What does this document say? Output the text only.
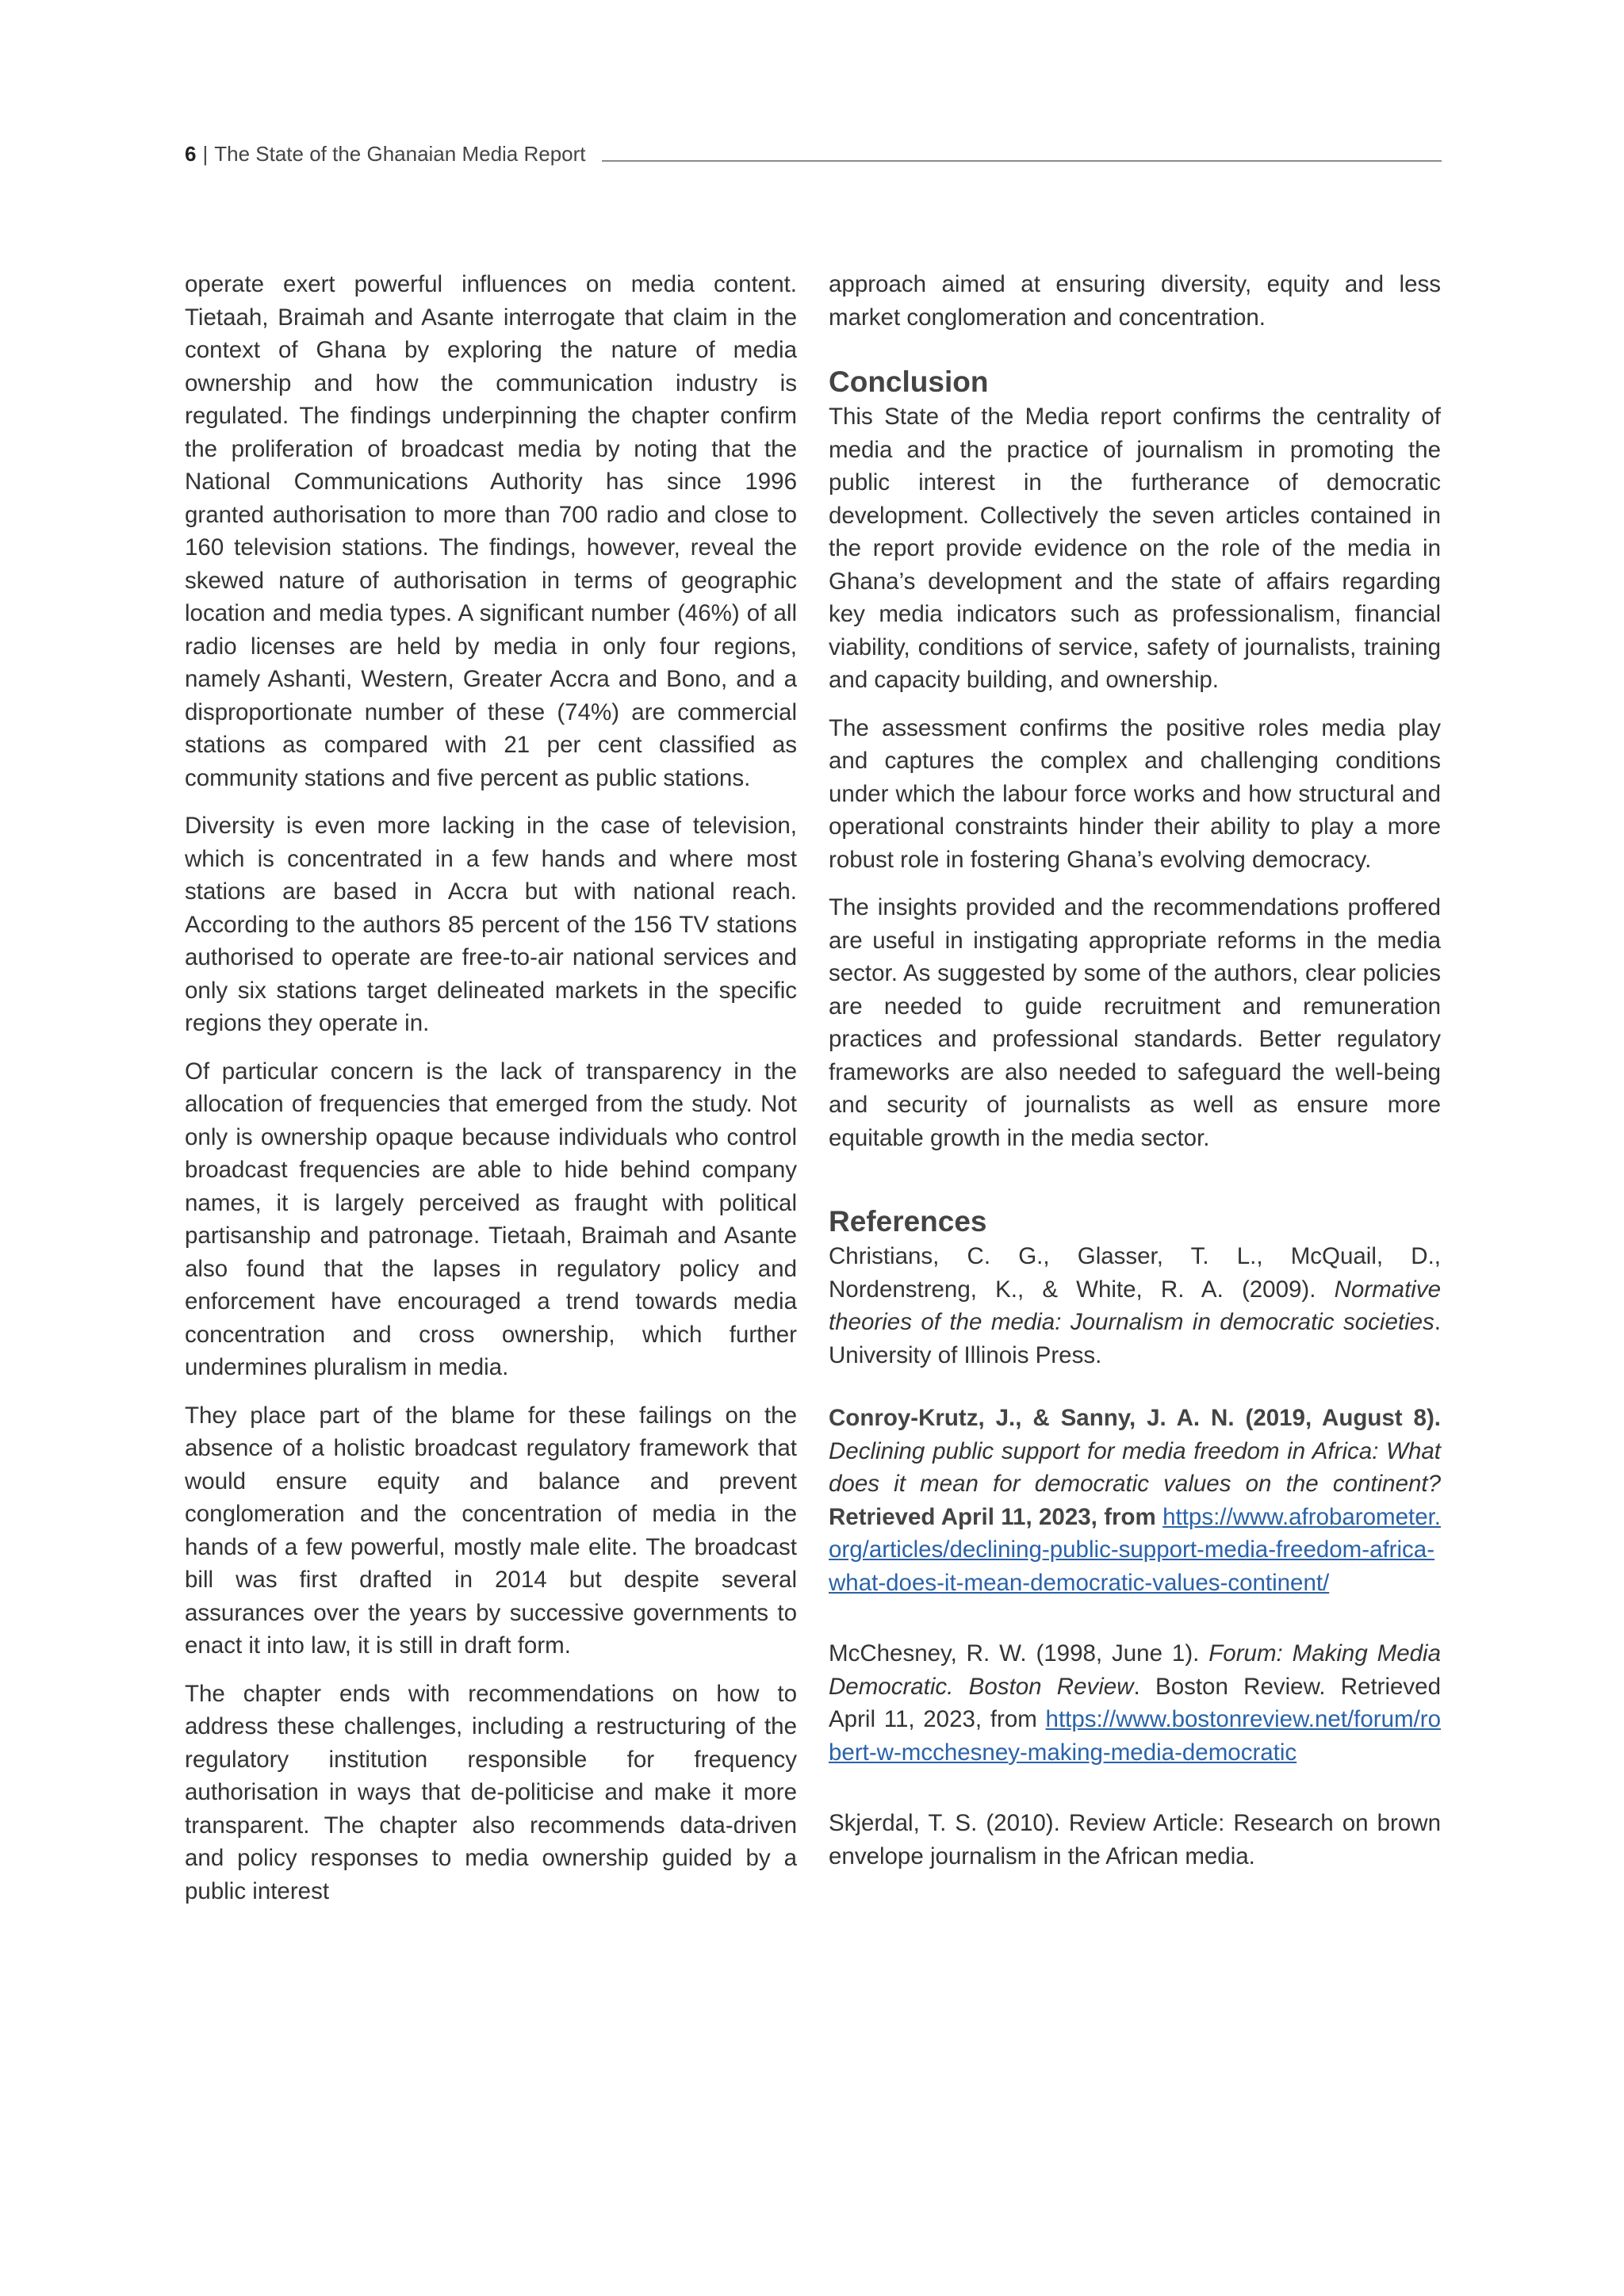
6 | The State of the Ghanaian Media Report

operate exert powerful influences on media content. Tietaah, Braimah and Asante interrogate that claim in the context of Ghana by exploring the nature of media ownership and how the communication industry is regulated. The findings underpinning the chapter confirm the proliferation of broadcast media by noting that the National Communications Authority has since 1996 granted authorisation to more than 700 radio and close to 160 television stations. The findings, however, reveal the skewed nature of authorisation in terms of geographic location and media types. A significant number (46%) of all radio licenses are held by media in only four regions, namely Ashanti, Western, Greater Accra and Bono, and a disproportionate number of these (74%) are commercial stations as compared with 21 per cent classified as community stations and five percent as public stations.

Diversity is even more lacking in the case of television, which is concentrated in a few hands and where most stations are based in Accra but with national reach. According to the authors 85 percent of the 156 TV stations authorised to operate are free-to-air national services and only six stations target delineated markets in the specific regions they operate in.

Of particular concern is the lack of transparency in the allocation of frequencies that emerged from the study. Not only is ownership opaque because individuals who control broadcast frequencies are able to hide behind company names, it is largely perceived as fraught with political partisanship and patronage. Tietaah, Braimah and Asante also found that the lapses in regulatory policy and enforcement have encouraged a trend towards media concentration and cross ownership, which further undermines pluralism in media.

They place part of the blame for these failings on the absence of a holistic broadcast regulatory framework that would ensure equity and balance and prevent conglomeration and the concentration of media in the hands of a few powerful, mostly male elite. The broadcast bill was first drafted in 2014 but despite several assurances over the years by successive governments to enact it into law, it is still in draft form.

The chapter ends with recommendations on how to address these challenges, including a restructuring of the regulatory institution responsible for frequency authorisation in ways that de-politicise and make it more transparent. The chapter also recommends data-driven and policy responses to media ownership guided by a public interest

approach aimed at ensuring diversity, equity and less market conglomeration and concentration.

Conclusion

This State of the Media report confirms the centrality of media and the practice of journalism in promoting the public interest in the furtherance of democratic development. Collectively the seven articles contained in the report provide evidence on the role of the media in Ghana’s development and the state of affairs regarding key media indicators such as professionalism, financial viability, conditions of service, safety of journalists, training and capacity building, and ownership.

The assessment confirms the positive roles media play and captures the complex and challenging conditions under which the labour force works and how structural and operational constraints hinder their ability to play a more robust role in fostering Ghana’s evolving democracy.

The insights provided and the recommendations proffered are useful in instigating appropriate reforms in the media sector. As suggested by some of the authors, clear policies are needed to guide recruitment and remuneration practices and professional standards. Better regulatory frameworks are also needed to safeguard the well-being and security of journalists as well as ensure more equitable growth in the media sector.

References

Christians, C. G., Glasser, T. L., McQuail, D., Nordenstreng, K., & White, R. A. (2009). Normative theories of the media: Journalism in democratic societies. University of Illinois Press.

Conroy-Krutz, J., & Sanny, J. A. N. (2019, August 8). Declining public support for media freedom in Africa: What does it mean for democratic values on the continent? Retrieved April 11, 2023, from https://www.afrobarometer.org/articles/declining-public-support-media-freedom-africa-what-does-it-mean-democratic-values-continent/

McChesney, R. W. (1998, June 1). Forum: Making Media Democratic. Boston Review. Boston Review. Retrieved April 11, 2023, from https://www.bostonreview.net/forum/robert-w-mcchesney-making-media-democratic

Skjerdal, T. S. (2010). Review Article: Research on brown envelope journalism in the African media.
